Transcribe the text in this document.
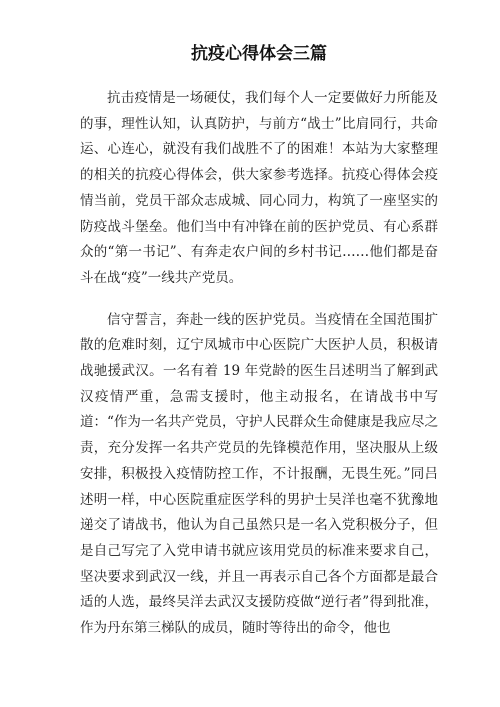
抗疫心得体会三篇

抗击疫情是一场硬仗，我们每个人一定要做好力所能及的事，理性认知，认真防护，与前方“战士”比肩同行，共命运、心连心，就没有我们战胜不了的困难！本站为大家整理的相关的抗疫心得体会，供大家参考选择。抗疫心得体会疫情当前，党员干部众志成城、同心同力，构筑了一座坚实的防疫战斗堡垒。他们当中有冲锋在前的医护党员、有心系群众的“第一书记”、有奔走农户间的乡村书记……他们都是奋斗在战“疫”一线共产党员。

信守誓言，奔赴一线的医护党员。当疫情在全国范围扩散的危难时刻，辽宁凤城市中心医院广大医护人员，积极请战驰援武汉。一名有着 19 年党龄的医生吕述明当了解到武汉疫情严重，急需支援时，他主动报名，在请战书中写道：“作为一名共产党员，守护人民群众生命健康是我应尽之责，充分发挥一名共产党员的先锋模范作用，坚决服从上级安排，积极投入疫情防控工作，不计报酬，无畏生死。”同吕述明一样，中心医院重症医学科的男护士吴洋也毫不犹豫地递交了请战书，他认为自己虽然只是一名入党积极分子，但是自己写完了入党申请书就应该用党员的标准来要求自己，坚决要求到武汉一线，并且一再表示自己各个方面都是最合适的人选，最终吴洋去武汉支援防疫做“逆行者”得到批准，作为丹东第三梯队的成员，随时等待出的命令，他也
